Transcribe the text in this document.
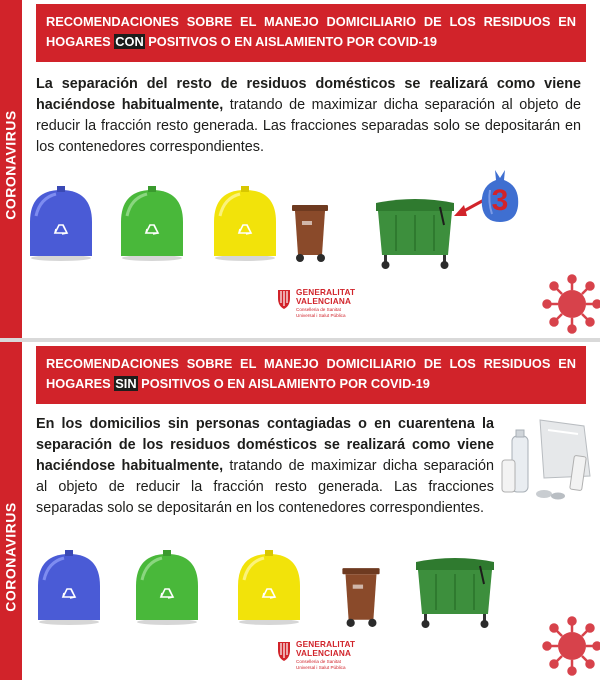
CORONAVIRUS
RECOMENDACIONES SOBRE EL MANEJO DOMICILIARIO DE LOS RESIDUOS EN HOGARES CON POSITIVOS O EN AISLAMIENTO POR COVID-19

La separación del resto de residuos domésticos se realizará como viene haciéndose habitualmente, tratando de maximizar dicha separación al objeto de reducir la fracción resto generada. Las fracciones separadas solo se depositarán en los contenedores correspondientes.

3
GENERALITAT
VALENCIANA
Conselleria de Sanitat
Universal i Salut Pública
CORONAVIRUS
RECOMENDACIONES SOBRE EL MANEJO DOMICILIARIO DE LOS RESIDUOS EN HOGARES SIN POSITIVOS O EN AISLAMIENTO POR COVID-19

En los domicilios sin personas contagiadas o en cuarentena la separación de los residuos domésticos se realizará como viene haciéndose habitualmente, tratando de maximizar dicha separación al objeto de reducir la fracción resto generada. Las fracciones separadas solo se depositarán en los contenedores correspondientes.

GENERALITAT
VALENCIANA
Conselleria de Sanitat
Universal i Salut Pública
